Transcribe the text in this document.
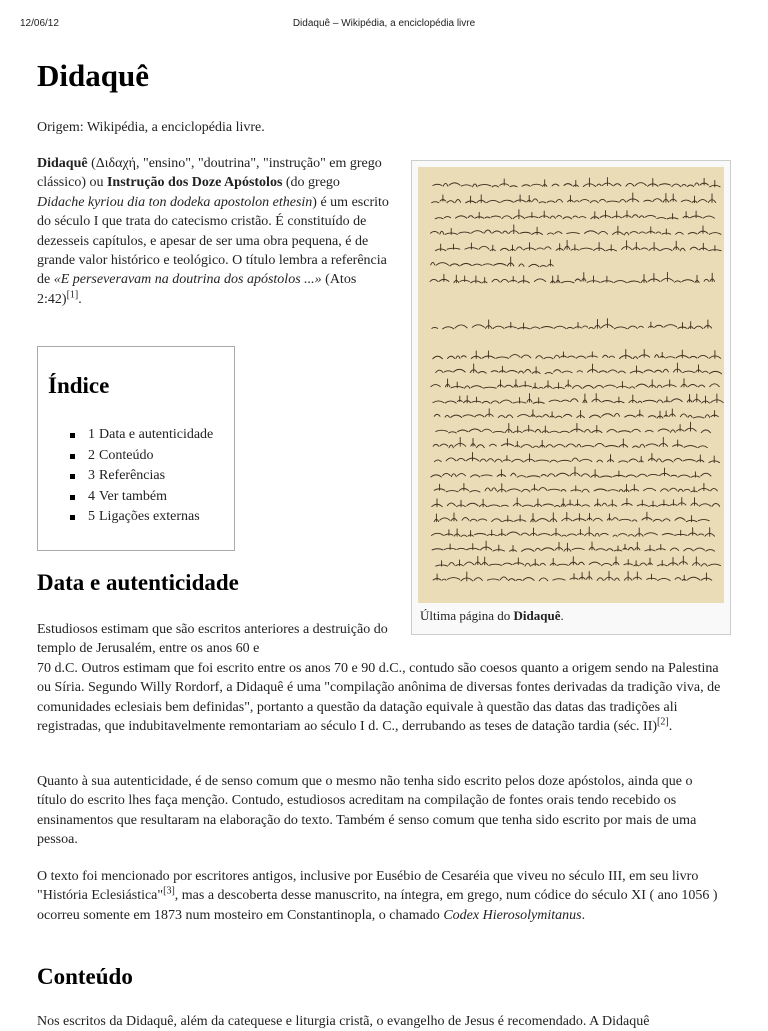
12/06/12	Didaquê – Wikipédia, a enciclopédia livre
Didaquê
Origem: Wikipédia, a enciclopédia livre.
Didaquê (Διδαχή, "ensino", "doutrina", "instrução" em grego clássico) ou Instrução dos Doze Apóstolos (do grego Didache kyriou dia ton dodeka apostolon ethesin) é um escrito do século I que trata do catecismo cristão. É constituído de dezesseis capítulos, e apesar de ser uma obra pequena, é de grande valor histórico e teológico. O título lembra a referência de «E perseveravam na doutrina dos apóstolos ...» (Atos 2:42)[1].
Índice
1 Data e autenticidade
2 Conteúdo
3 Referências
4 Ver também
5 Ligações externas
Última página do Didaquê.
Data e autenticidade
Estudiosos estimam que são escritos anteriores a destruição do templo de Jerusalém, entre os anos 60 e
70 d.C. Outros estimam que foi escrito entre os anos 70 e 90 d.C., contudo são coesos quanto a origem sendo na Palestina ou Síria. Segundo Willy Rordorf, a Didaquê é uma "compilação anônima de diversas fontes derivadas da tradição viva, de comunidades eclesiais bem definidas", portanto a questão da datação equivale à questão das datas das tradições ali registradas, que indubitavelmente remontariam ao século I d. C., derrubando as teses de datação tardia (séc. II)[2].
Quanto à sua autenticidade, é de senso comum que o mesmo não tenha sido escrito pelos doze apóstolos, ainda que o título do escrito lhes faça menção. Contudo, estudiosos acreditam na compilação de fontes orais tendo recebido os ensinamentos que resultaram na elaboração do texto. Também é senso comum que tenha sido escrito por mais de uma pessoa.
O texto foi mencionado por escritores antigos, inclusive por Eusébio de Cesaréia que viveu no século III, em seu livro "História Eclesiástica"[3], mas a descoberta desse manuscrito, na íntegra, em grego, num códice do século XI ( ano 1056 ) ocorreu somente em 1873 num mosteiro em Constantinopla, o chamado Codex Hierosolymitanus.
Conteúdo
Nos escritos da Didaquê, além da catequese e liturgia cristã, o evangelho de Jesus é recomendado. A Didaquê
